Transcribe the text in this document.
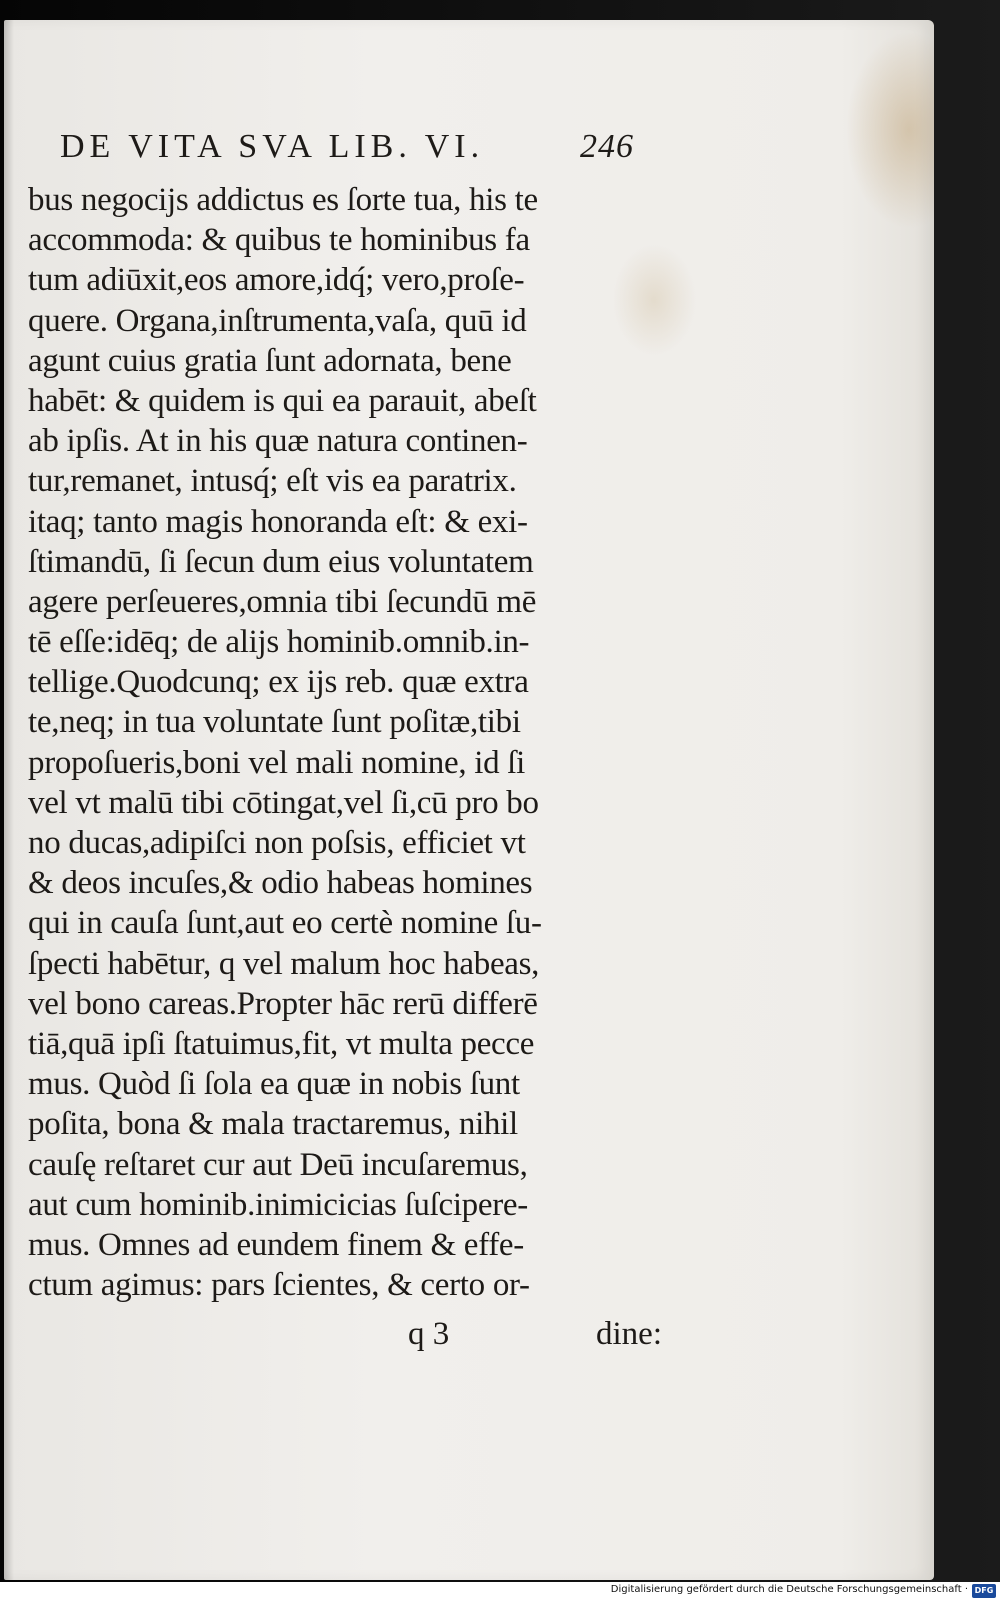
DE VITA SVA LIB. VI.	246
bus negocijs addictus es ſorte tua, his te
accommoda: & quibus te hominibus fa
tum adiūxit,eos amore,idq́; vero,proſe-
quere. Organa,inſtrumenta,vaſa, quū id
agunt cuius gratia ſunt adornata, bene
habēt: & quidem is qui ea parauit, abeſt
ab ipſis. At in his quæ natura continen-
tur,remanet, intusq́; eſt vis ea paratrix.
itaq; tanto magis honoranda eſt: & exi-
ſtimandū, ſi ſecun dum eius voluntatem
agere perſeueres,omnia tibi ſecundū mē
tē eſſe:idēq; de alijs hominib.omnib.in-
tellige.Quodcunq; ex ijs reb. quæ extra
te,neq; in tua voluntate ſunt poſitæ,tibi
propoſueris,boni vel mali nomine, id ſi
vel vt malū tibi cōtingat,vel ſi,cū pro bo
no ducas,adipiſci non poſsis, efficiet vt
& deos incuſes,& odio habeas homines
qui in cauſa ſunt,aut eo certè nomine ſu-
ſpecti habētur, q vel malum hoc habeas,
vel bono careas.Propter hāc rerū differē
tiā,quā ipſi ſtatuimus,fit, vt multa pecce
mus. Quòd ſi ſola ea quæ in nobis ſunt
poſita, bona & mala tractaremus, nihil
cauſę reſtaret cur aut Deū incuſaremus,
aut cum hominib.inimicicias ſuſcipere-
mus. Omnes ad eundem finem & effe-
ctum agimus: pars ſcientes, & certo or-
q 3	dine:
Digitalisierung gefördert durch die Deutsche Forschungsgemeinschaft · DFG
